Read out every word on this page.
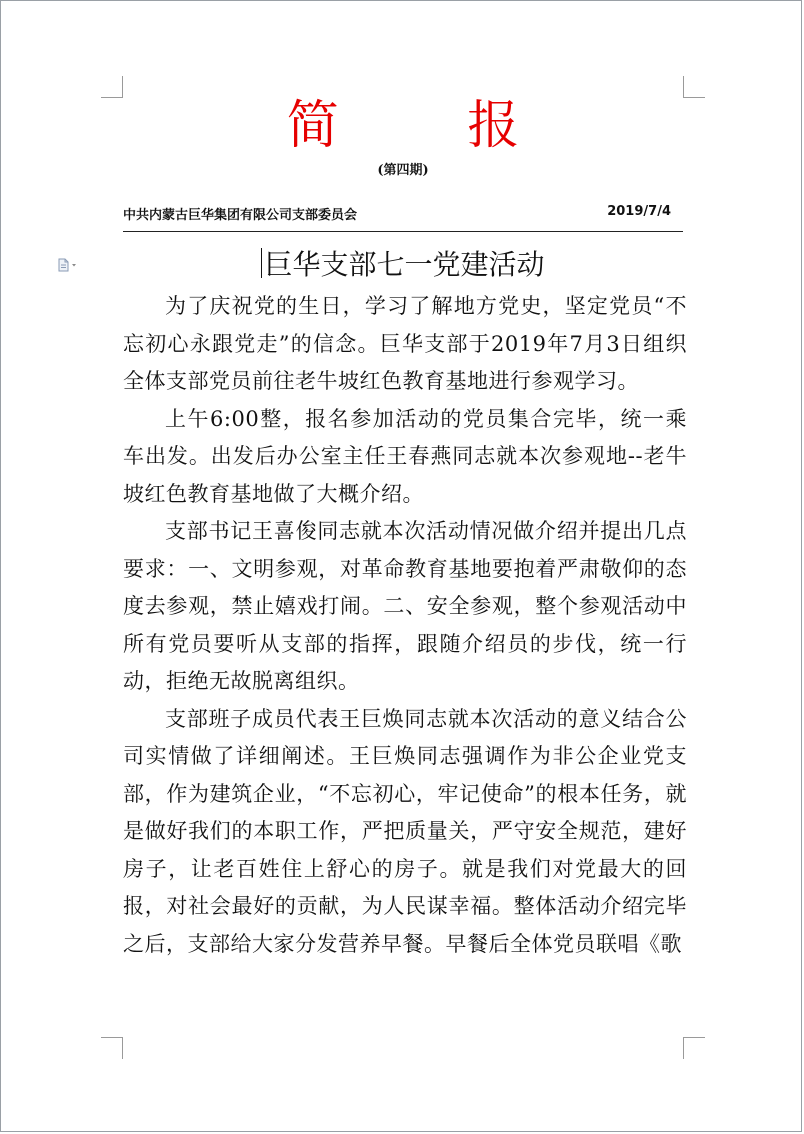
简 报
(第四期)
中共内蒙古巨华集团有限公司支部委员会	2019/7/4
巨华支部七一党建活动

为了庆祝党的生日，学习了解地方党史，坚定党员“不忘初心永跟党走”的信念。巨华支部于2019年7月3日组织全体支部党员前往老牛坡红色教育基地进行参观学习。

上午6:00整，报名参加活动的党员集合完毕，统一乘车出发。出发后办公室主任王春燕同志就本次参观地--老牛坡红色教育基地做了大概介绍。

支部书记王喜俊同志就本次活动情况做介绍并提出几点要求：一、文明参观，对革命教育基地要抱着严肃敬仰的态度去参观，禁止嬉戏打闹。二、安全参观，整个参观活动中所有党员要听从支部的指挥，跟随介绍员的步伐，统一行动，拒绝无故脱离组织。

支部班子成员代表王巨焕同志就本次活动的意义结合公司实情做了详细阐述。王巨焕同志强调作为非公企业党支部，作为建筑企业，“不忘初心，牢记使命”的根本任务，就是做好我们的本职工作，严把质量关，严守安全规范，建好房子，让老百姓住上舒心的房子。就是我们对党最大的回报，对社会最好的贡献，为人民谋幸福。整体活动介绍完毕之后，支部给大家分发营养早餐。早餐后全体党员联唱《歌
